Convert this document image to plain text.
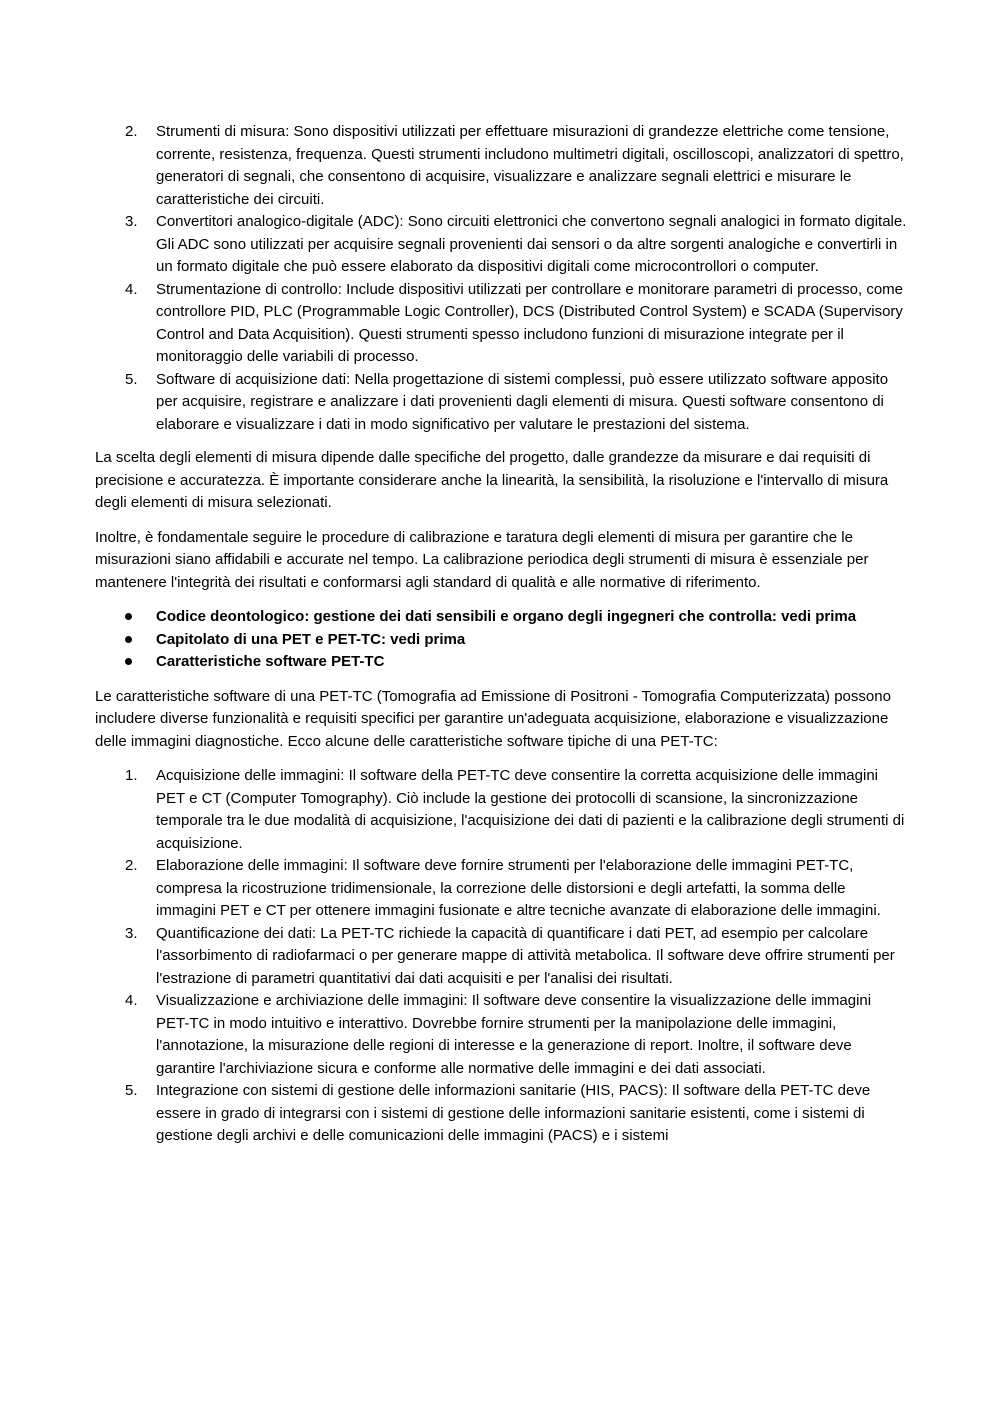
2.	Strumenti di misura: Sono dispositivi utilizzati per effettuare misurazioni di grandezze elettriche come tensione, corrente, resistenza, frequenza. Questi strumenti includono multimetri digitali, oscilloscopi, analizzatori di spettro, generatori di segnali, che consentono di acquisire, visualizzare e analizzare segnali elettrici e misurare le caratteristiche dei circuiti.
3.	Convertitori analogico-digitale (ADC): Sono circuiti elettronici che convertono segnali analogici in formato digitale. Gli ADC sono utilizzati per acquisire segnali provenienti dai sensori o da altre sorgenti analogiche e convertirli in un formato digitale che può essere elaborato da dispositivi digitali come microcontrollori o computer.
4.	Strumentazione di controllo: Include dispositivi utilizzati per controllare e monitorare parametri di processo, come controllore PID, PLC (Programmable Logic Controller), DCS (Distributed Control System) e SCADA (Supervisory Control and Data Acquisition). Questi strumenti spesso includono funzioni di misurazione integrate per il monitoraggio delle variabili di processo.
5.	Software di acquisizione dati: Nella progettazione di sistemi complessi, può essere utilizzato software apposito per acquisire, registrare e analizzare i dati provenienti dagli elementi di misura. Questi software consentono di elaborare e visualizzare i dati in modo significativo per valutare le prestazioni del sistema.

La scelta degli elementi di misura dipende dalle specifiche del progetto, dalle grandezze da misurare e dai requisiti di precisione e accuratezza. È importante considerare anche la linearità, la sensibilità, la risoluzione e l'intervallo di misura degli elementi di misura selezionati.

Inoltre, è fondamentale seguire le procedure di calibrazione e taratura degli elementi di misura per garantire che le misurazioni siano affidabili e accurate nel tempo. La calibrazione periodica degli strumenti di misura è essenziale per mantenere l'integrità dei risultati e conformarsi agli standard di qualità e alle normative di riferimento.

Codice deontologico: gestione dei dati sensibili e organo degli ingegneri che controlla: vedi prima
Capitolato di una PET e PET-TC: vedi prima
Caratteristiche software PET-TC

Le caratteristiche software di una PET-TC (Tomografia ad Emissione di Positroni - Tomografia Computerizzata) possono includere diverse funzionalità e requisiti specifici per garantire un'adeguata acquisizione, elaborazione e visualizzazione delle immagini diagnostiche. Ecco alcune delle caratteristiche software tipiche di una PET-TC:

1.	Acquisizione delle immagini: Il software della PET-TC deve consentire la corretta acquisizione delle immagini PET e CT (Computer Tomography). Ciò include la gestione dei protocolli di scansione, la sincronizzazione temporale tra le due modalità di acquisizione, l'acquisizione dei dati di pazienti e la calibrazione degli strumenti di acquisizione.
2.	Elaborazione delle immagini: Il software deve fornire strumenti per l'elaborazione delle immagini PET-TC, compresa la ricostruzione tridimensionale, la correzione delle distorsioni e degli artefatti, la somma delle immagini PET e CT per ottenere immagini fusionate e altre tecniche avanzate di elaborazione delle immagini.
3.	Quantificazione dei dati: La PET-TC richiede la capacità di quantificare i dati PET, ad esempio per calcolare l'assorbimento di radiofarmaci o per generare mappe di attività metabolica. Il software deve offrire strumenti per l'estrazione di parametri quantitativi dai dati acquisiti e per l'analisi dei risultati.
4.	Visualizzazione e archiviazione delle immagini: Il software deve consentire la visualizzazione delle immagini PET-TC in modo intuitivo e interattivo. Dovrebbe fornire strumenti per la manipolazione delle immagini, l'annotazione, la misurazione delle regioni di interesse e la generazione di report. Inoltre, il software deve garantire l'archiviazione sicura e conforme alle normative delle immagini e dei dati associati.
5.	Integrazione con sistemi di gestione delle informazioni sanitarie (HIS, PACS): Il software della PET-TC deve essere in grado di integrarsi con i sistemi di gestione delle informazioni sanitarie esistenti, come i sistemi di gestione degli archivi e delle comunicazioni delle immagini (PACS) e i sistemi
